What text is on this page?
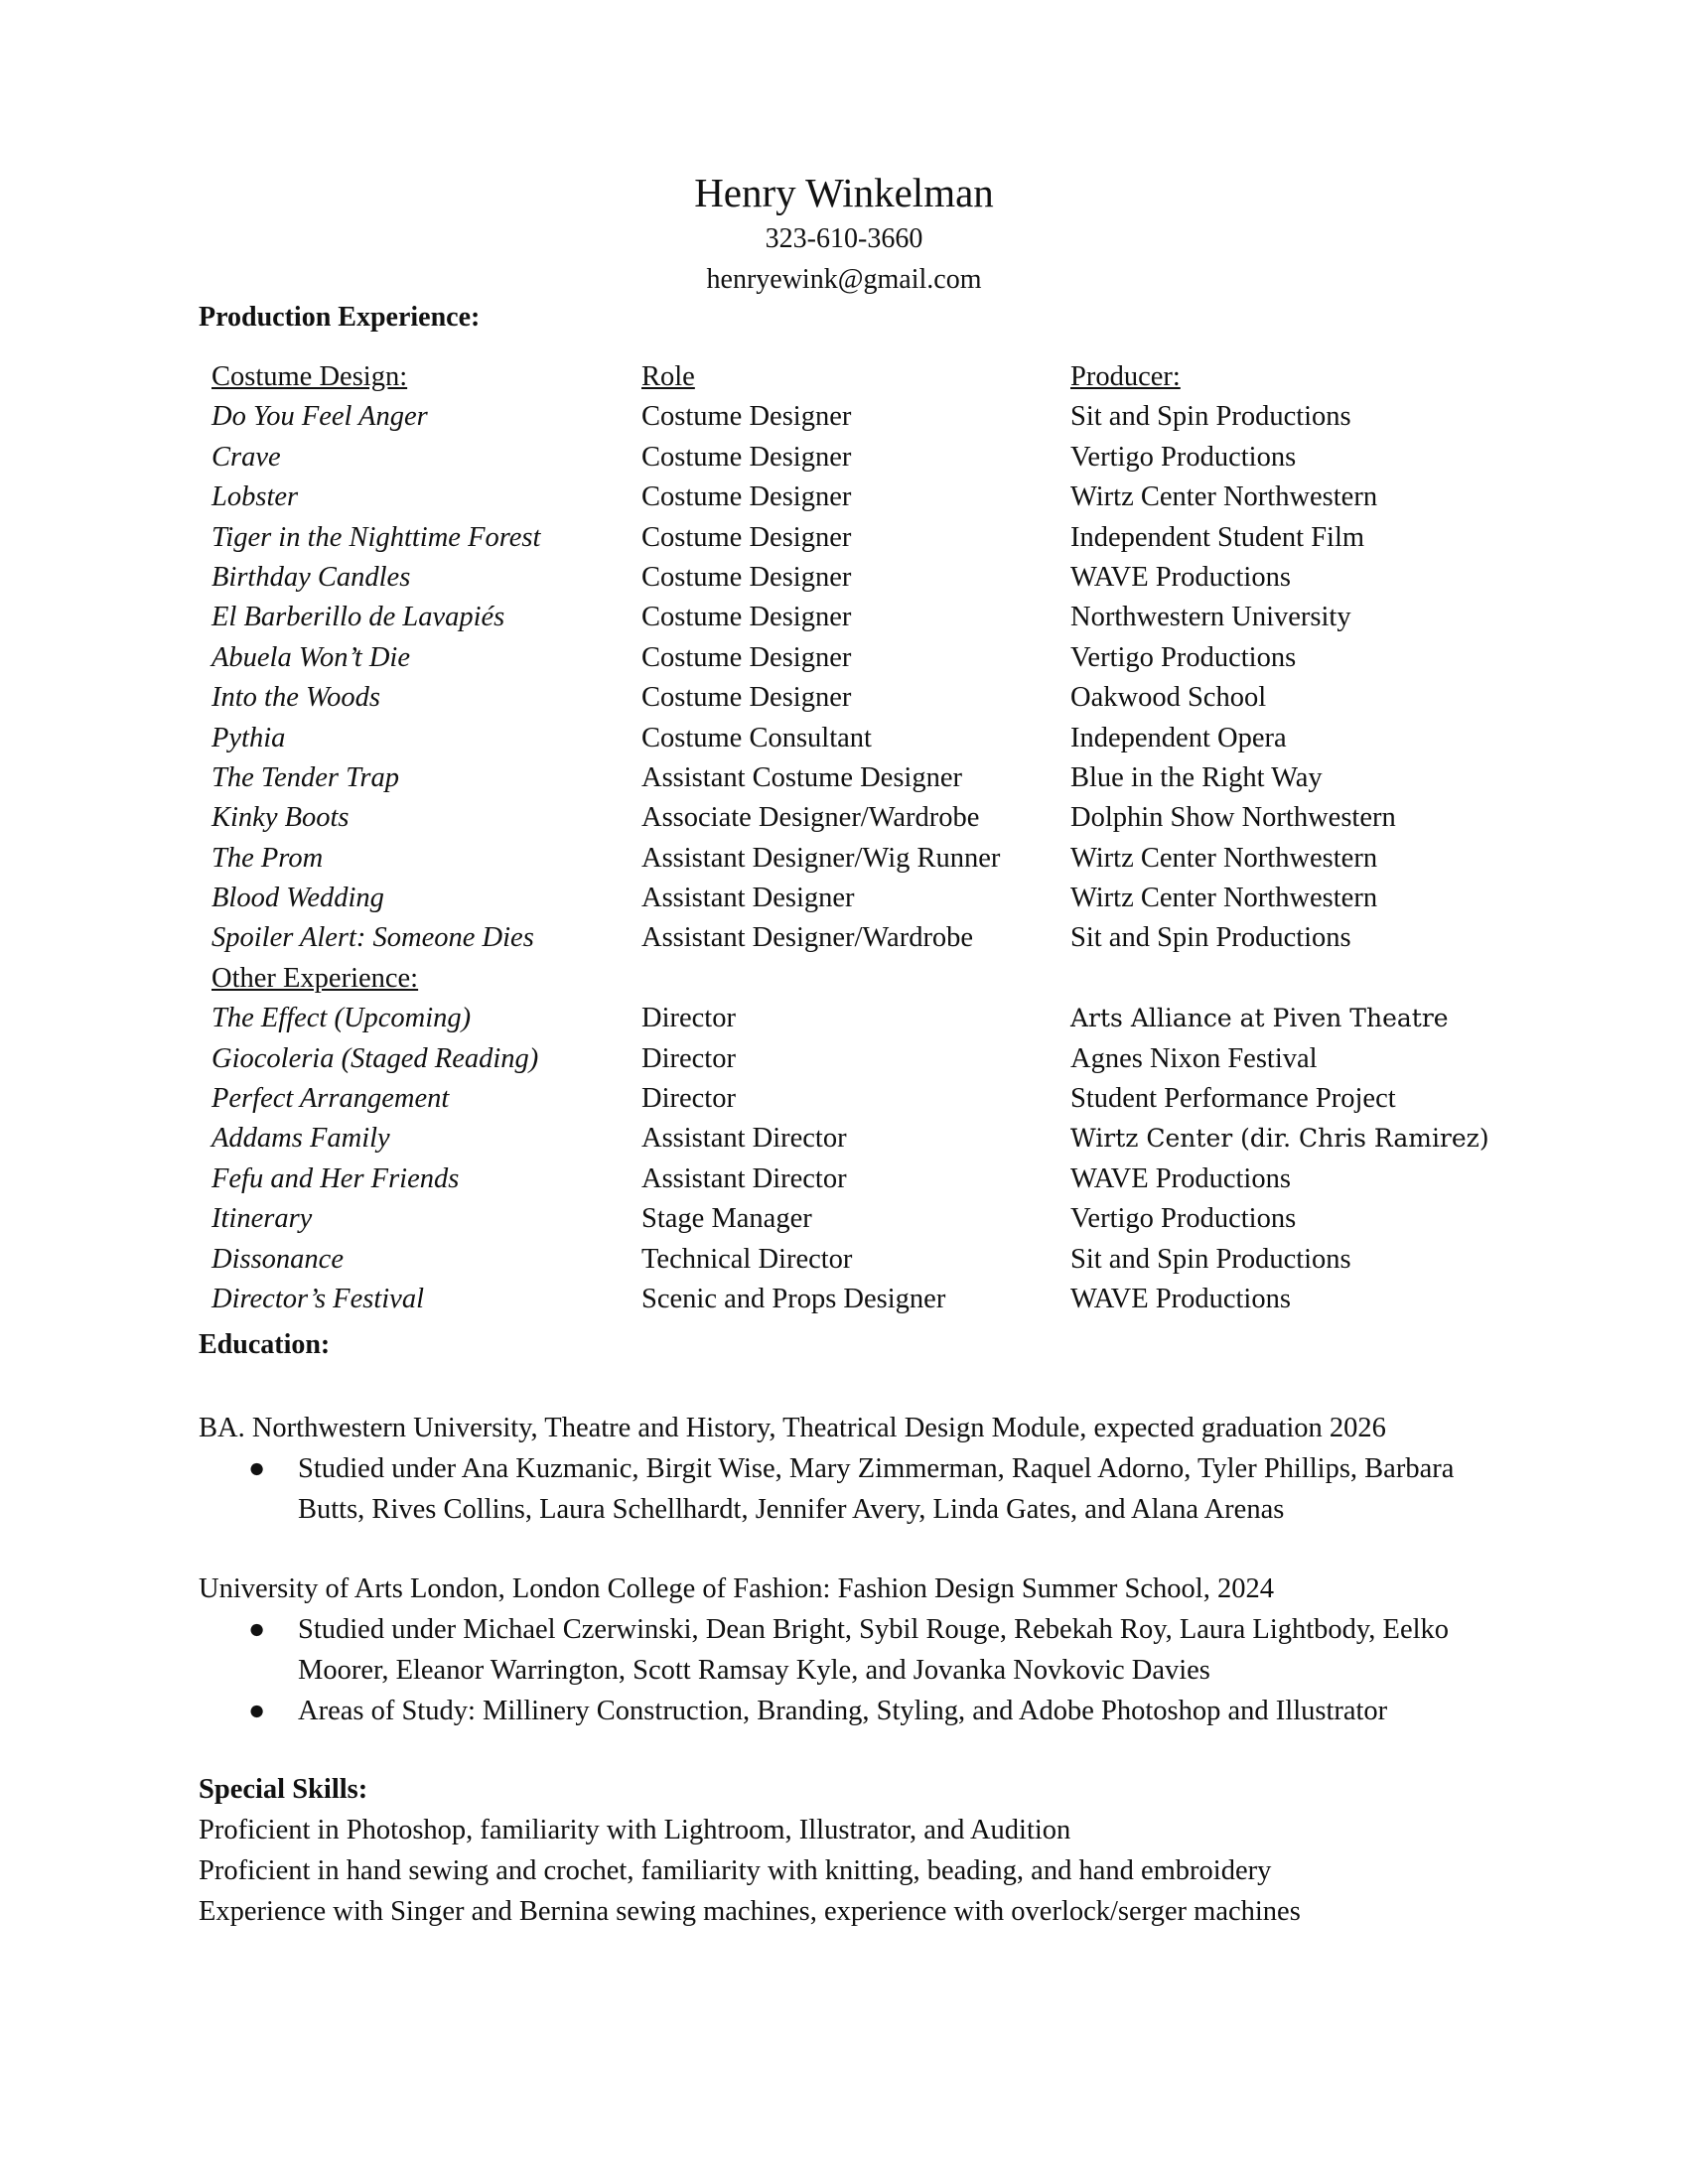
Henry Winkelman
323-610-3660
henryewink@gmail.com
Production Experience:
Costume Design:
Do You Feel Anger
Crave
Lobster
Tiger in the Nighttime Forest
Birthday Candles
El Barberillo de Lavapiés
Abuela Won’t Die
Into the Woods
Pythia
The Tender Trap
Kinky Boots
The Prom
Blood Wedding
Spoiler Alert: Someone Dies
Other Experience:
The Effect (Upcoming)
Giocoleria (Staged Reading)
Perfect Arrangement
Addams Family
Fefu and Her Friends
Itinerary
Dissonance
Director’s Festival
Role
Costume Designer
Costume Designer
Costume Designer
Costume Designer
Costume Designer
Costume Designer
Costume Designer
Costume Designer
Costume Consultant
Assistant Costume Designer
Associate Designer/Wardrobe
Assistant Designer/Wig Runner
Assistant Designer
Assistant Designer/Wardrobe
Director
Director
Director
Assistant Director
Assistant Director
Stage Manager
Technical Director
Scenic and Props Designer
Producer:
Sit and Spin Productions
Vertigo Productions
Wirtz Center Northwestern
Independent Student Film
WAVE Productions
Northwestern University
Vertigo Productions
Oakwood School
Independent Opera
Blue in the Right Way
Dolphin Show Northwestern
Wirtz Center Northwestern
Wirtz Center Northwestern
Sit and Spin Productions
Arts Alliance at Piven Theatre
Agnes Nixon Festival
Student Performance Project
Wirtz Center (dir. Chris Ramirez)
WAVE Productions
Vertigo Productions
Sit and Spin Productions
WAVE Productions
Education:
BA. Northwestern University, Theatre and History, Theatrical Design Module, expected graduation 2026
● Studied under Ana Kuzmanic, Birgit Wise, Mary Zimmerman, Raquel Adorno, Tyler Phillips, Barbara Butts, Rives Collins, Laura Schellhardt, Jennifer Avery, Linda Gates, and Alana Arenas
University of Arts London, London College of Fashion: Fashion Design Summer School, 2024
● Studied under Michael Czerwinski, Dean Bright, Sybil Rouge, Rebekah Roy, Laura Lightbody, Eelko Moorer, Eleanor Warrington, Scott Ramsay Kyle, and Jovanka Novkovic Davies
● Areas of Study: Millinery Construction, Branding, Styling, and Adobe Photoshop and Illustrator
Special Skills:
Proficient in Photoshop, familiarity with Lightroom, Illustrator, and Audition
Proficient in hand sewing and crochet, familiarity with knitting, beading, and hand embroidery
Experience with Singer and Bernina sewing machines, experience with overlock/serger machines
